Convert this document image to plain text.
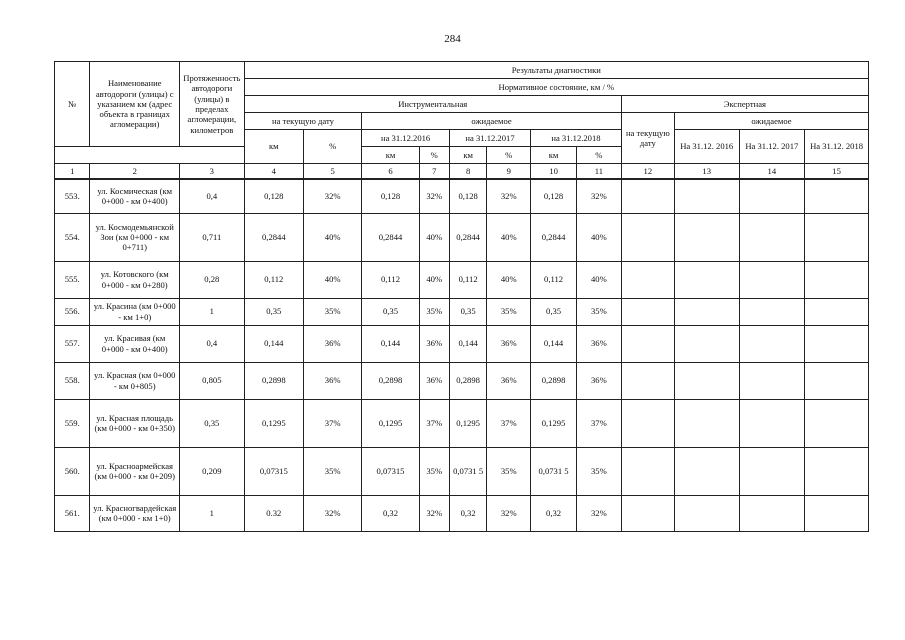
284
№	Наименование автодороги (улицы) с указанием км (адрес объекта в границах агломерации)	Протяженность автодороги (улицы) в пределах агломерации, километров	Результаты диагностики											
			Нормативное состояние, км / %											
			Инструментальная								Экспертная			
			на текущую дату		ожидаемое						на текущую дату	ожидаемое		
			км	%	на 31.12.2016		на 31.12.2017		на 31.12.2018			На 31.12. 2016	На 31.12. 2017	На 31.12. 2018
					км	%	км	%	км	%				
1	2	3	4	5	6	7	8	9	10	11	12	13	14	15
553.	ул. Космическая (км 0+000 - км 0+400)	0,4	0,128	32%	0,128	32%	0,128	32%	0,128	32%				
554.	ул. Космодемьянской Зои (км 0+000 - км 0+711)	0,711	0,2844	40%	0,2844	40%	0,2844	40%	0,2844	40%				
555.	ул. Котовского (км 0+000 - км 0+280)	0,28	0,112	40%	0,112	40%	0,112	40%	0,112	40%				
556.	ул. Красина (км 0+000 - км 1+0)	1	0,35	35%	0,35	35%	0,35	35%	0,35	35%				
557.	ул. Красивая (км 0+000 - км 0+400)	0,4	0,144	36%	0,144	36%	0,144	36%	0,144	36%				
558.	ул. Красная (км 0+000 - км 0+805)	0,805	0,2898	36%	0,2898	36%	0,2898	36%	0,2898	36%				
559.	ул. Красная площадь (км 0+000 - км 0+350)	0,35	0,1295	37%	0,1295	37%	0,1295	37%	0,1295	37%				
560.	ул. Красноармейская (км 0+000 - км 0+209)	0,209	0,07315	35%	0,07315	35%	0,0731 5	35%	0,0731 5	35%				
561.	ул. Красногвардейская (км 0+000 - км 1+0)	1	0.32	32%	0,32	32%	0,32	32%	0,32	32%				
